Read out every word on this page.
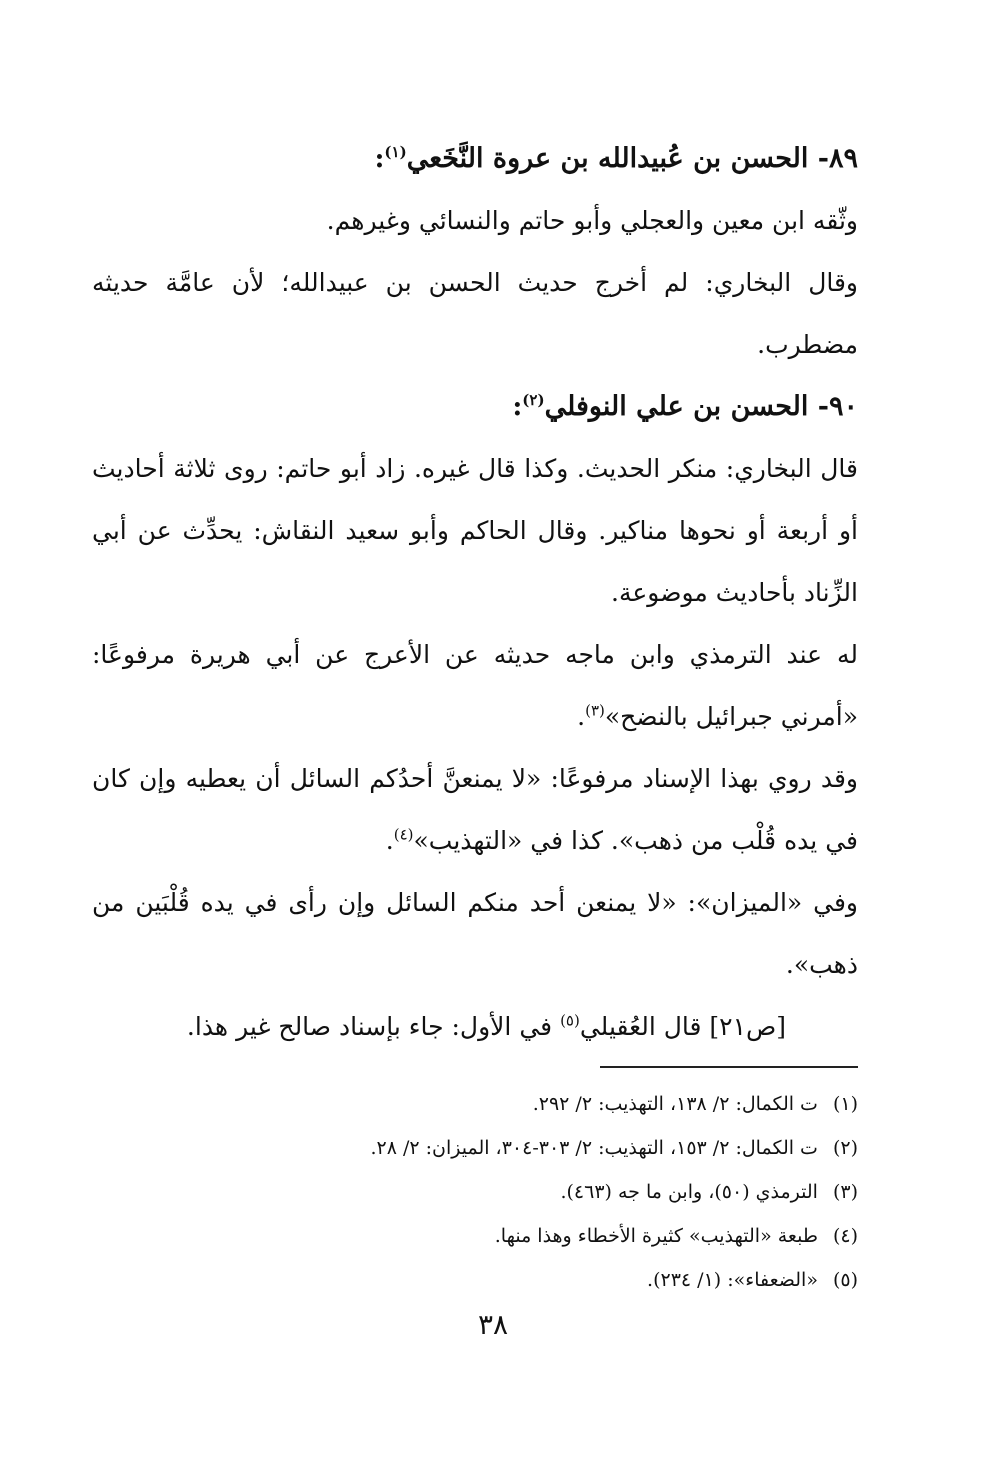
٨٩- الحسن بن عُبيدالله بن عروة النَّخَعي$^{(١)}$:

وثّقه ابن معين والعجلي وأبو حاتم والنسائي وغيرهم.

وقال البخاري: لم أخرج حديث الحسن بن عبيدالله؛ لأن عامَّة حديثه مضطرب.

٩٠- الحسن بن علي النوفلي$^{(٢)}$:

قال البخاري: منكر الحديث. وكذا قال غيره. زاد أبو حاتم: روى ثلاثة أحاديث أو أربعة أو نحوها مناكير. وقال الحاكم وأبو سعيد النقاش: يحدِّث عن أبي الزِّناد بأحاديث موضوعة.

له عند الترمذي وابن ماجه حديثه عن الأعرج عن أبي هريرة مرفوعًا: «أمرني جبرائيل بالنضح»$^{(٣)}$.

وقد روي بهذا الإسناد مرفوعًا: «لا يمنعنَّ أحدُكم السائل أن يعطيه وإن كان في يده قُلْب من ذهب». كذا في «التهذيب»$^{(٤)}$.

وفي «الميزان»: «لا يمنعن أحد منكم السائل وإن رأى في يده قُلْبَين من ذهب».

[ص٢١] قال العُقيلي$^{(٥)}$ في الأول: جاء بإسناد صالح غير هذا.

(١) ت الكمال: ٢/ ١٣٨، التهذيب: ٢/ ٢٩٢.

(٢) ت الكمال: ٢/ ١٥٣، التهذيب: ٢/ ٣٠٣-٣٠٤، الميزان: ٢/ ٢٨.

(٣) الترمذي (٥٠)، وابن ما جه (٤٦٣).

(٤) طبعة «التهذيب» كثيرة الأخطاء وهذا منها.

(٥) «الضعفاء»: (١/ ٢٣٤).

٣٨
